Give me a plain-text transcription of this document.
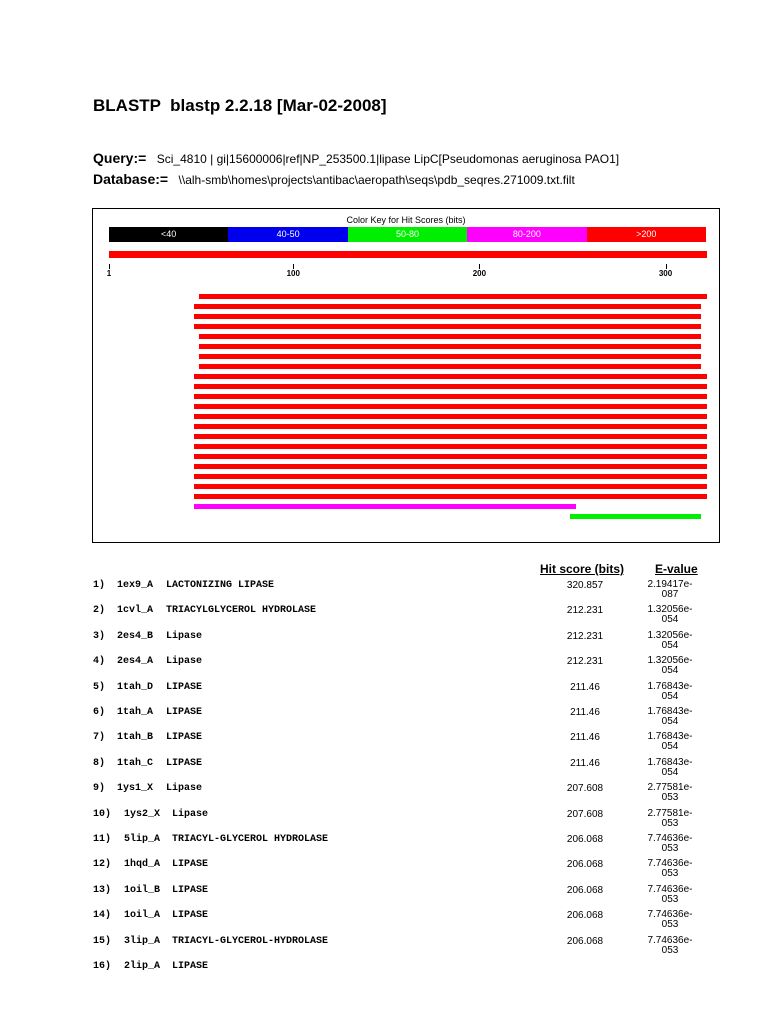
BLASTP  blastp 2.2.18 [Mar-02-2008]
Query:= Sci_4810 | gi|15600006|ref|NP_253500.1|lipase LipC[Pseudomonas aeruginosa PAO1]
Database:= \\alh-smb\homes\projects\antibac\aeropath\seqs\pdb_seqres.271009.txt.filt
Color Key for Hit Scores (bits)
<40	40-50	50-80	80-200	>200
1	100	200	300
Hit score (bits)	E-value
1) 1ex9_A LACTONIZING LIPASE	320.857	2.19417e-087
2) 1cvl_A TRIACYLGLYCEROL HYDROLASE	212.231	1.32056e-054
3) 2es4_B Lipase	212.231	1.32056e-054
4) 2es4_A Lipase	212.231	1.32056e-054
5) 1tah_D LIPASE	211.46	1.76843e-054
6) 1tah_A LIPASE	211.46	1.76843e-054
7) 1tah_B LIPASE	211.46	1.76843e-054
8) 1tah_C LIPASE	211.46	1.76843e-054
9) 1ys1_X Lipase	207.608	2.77581e-053
10) 1ys2_X Lipase	207.608	2.77581e-053
11) 5lip_A TRIACYL-GLYCEROL HYDROLASE	206.068	7.74636e-053
12) 1hqd_A LIPASE	206.068	7.74636e-053
13) 1oil_B LIPASE	206.068	7.74636e-053
14) 1oil_A LIPASE	206.068	7.74636e-053
15) 3lip_A TRIACYL-GLYCEROL-HYDROLASE	206.068	7.74636e-053
16) 2lip_A LIPASE
